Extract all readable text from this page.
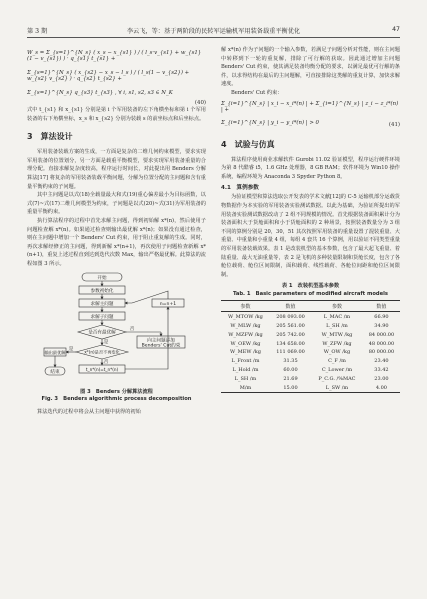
第 3 期	李云飞，等：基于两阶段的民转军运输机军用装备载重平衡优化	47
W_s = Σ_{s=1}^{N_s} ( x_s − x_{s1} ) / ( l_s·v_{s1} + w_{s1}(1 − v_{s1}) ) · q_{s1} t_{s1} +
Σ_{s=1}^{N_s} ( x_{s2} − x_s − l_s ) / ( l_s(1 − v_{s2}) + w_{s2} v_{s2} ) · q_{s2} t_{s2} +
Σ_{s=1}^{N_s} q_{s3} t_{s3} , ∀ i, s1, s2, s3 ∈ N_K
(40)

式中 t_{s1} 和 x_{s1} 分别是第 i 个军用装备的左下角横坐标和第 i 个军用装备的右下角横坐标，x_s 和 x_{s2} 分别为装载 s 的前坐标点和后坐标点。

3　算法设计

军用装备装载方案的生成，一方面是复杂的二维几何约束模型，要求实现军用装备的位置划分，另一方面是载重平衡模型，要求实现军用装备重量的合理分配。直接求解复杂度较高，程序运行时间长，对此提出用 Benders 分解算法[17] 将复杂的军用装备装载平衡问题，分解为位置分配的主问题和含有重量平衡约束的子问题。

其中主问题是以式(18)全载量最大和式(19)重心偏差最小为目标函数，以式(7)~式(17)二维几何模型为约束，子问题是以式(20)~式(31)为军用装备的重量平衡约束。

执行算法程序的过程中首先求解主问题，得到初始解 x*(n)，然后使用子问题检查解 x*(n)。如果通过检查则输出最优解 x*(n)；如果没有通过检查，则在主问题中增加一个 Benders' Cut 约束，用于阻止重复解的生成。同时，再次求解经修正的主问题，得到新解 x*(n+1)，再次使用子问题检查新解 x*(n+1)，重复上述过程直到达到迭代次数 Max，输出严格最优解。此算法的流程如图 3 所示。

开始
参数初始化
求解主问题
求解子问题
是否有最优解
向主问题添加
Benders' Cut约束
x*(n)是否不再变化
输出最优解
结束
t_n*(n)=t_n*(n)
n=n+1
否
是
是
否
图 3　Benders 分解算法流程
Fig. 3　Benders algorithmic process decomposition

算法迭代的过程中将会从主问题中获得的初始

解 x*(n) 作为子问题的一个输入参数，若满足子问题分析对性能，则在主问题中转移到下一轮的重复解，排除了可行解的获取。因此通过增加主问题 Benders' Cut 约束，使其满足装备均衡分配的要求，以满足最优可行解的条件，以求得结构在最后的主问题解，可直接排除这类解的重复计算，加快求解速度。

Benders' Cut 约束：

Σ_{i=1}^{N_s} | x_i − x_i*(n) | + Σ_{i=1}^{N_s} | z_i − z_i*(n) | +
Σ_{i=1}^{N_s} | y_i − y_i*(n) | > 0	(41)
4　试验与仿真

算法程序使用商业求解软件 Gurobi 11.02 验证模型，程序运行硬件环境为第 8 代酷睿 i5，1.6 GHz 处理器，8 GB RAM；软件环境为 Win10 操作系统，编程环境为 Anaconda 3 Spyder Python 8。

4.1　算例参数

为验证模型和算法选取公开发表的学术文献[12]的 C-5 运输机部分运载货物数据作为本实验的军用装备实验测试数据。以此为基础，为验证所提出的军用装备实验测试数据改动了 2 组不同规模的情况。首先根据装备面积累计分为装备面积大于货舱面积和小于货舱面积的 2 种场景，按照装备数量分为 3 组不同的算例分别是 20，30，51 其次按照军用装备的重量设置了混装重量、大重量、中重量和小重量 4 组，每组 4 套共 16 个算例，用以验证不同类型重量的军用装备装载效果。表 1 是改装机型的基本参数，包含了最大起飞重量、着陆重量、最大无油重量等，表 2 是飞机的多种装量限制和货舱长度，包含了各舱位载荷、舱位区间限制，面积载荷、线性载荷、各舱位间距和舱位区间限制。

表 1　改装机型基本参数
Tab. 1　Basic parameters of modified aircraft models
参数	数值	参数	数值
W_MTOW /kg	208 093.00	L_MAC /m	66.90
W_MLW /kg	205 561.00	L_SH /m	34.90
W_MZFW /kg	205 742.00	W_MTW /kg	84 000.00
W_OEW /kg	134 658.00	W_ZFW /kg	48 000.00
W_MEW /kg	111 069.00	W_OW /kg	80 000.00
L_Front /m	31.35	C_F /m	23.40
L_Hold /m	60.00	C_Lower /m	33.42
L_SH /m	21.69	P_C.G. /%MAC	23.00
M/m	15.00	L_SW /m	4.00
